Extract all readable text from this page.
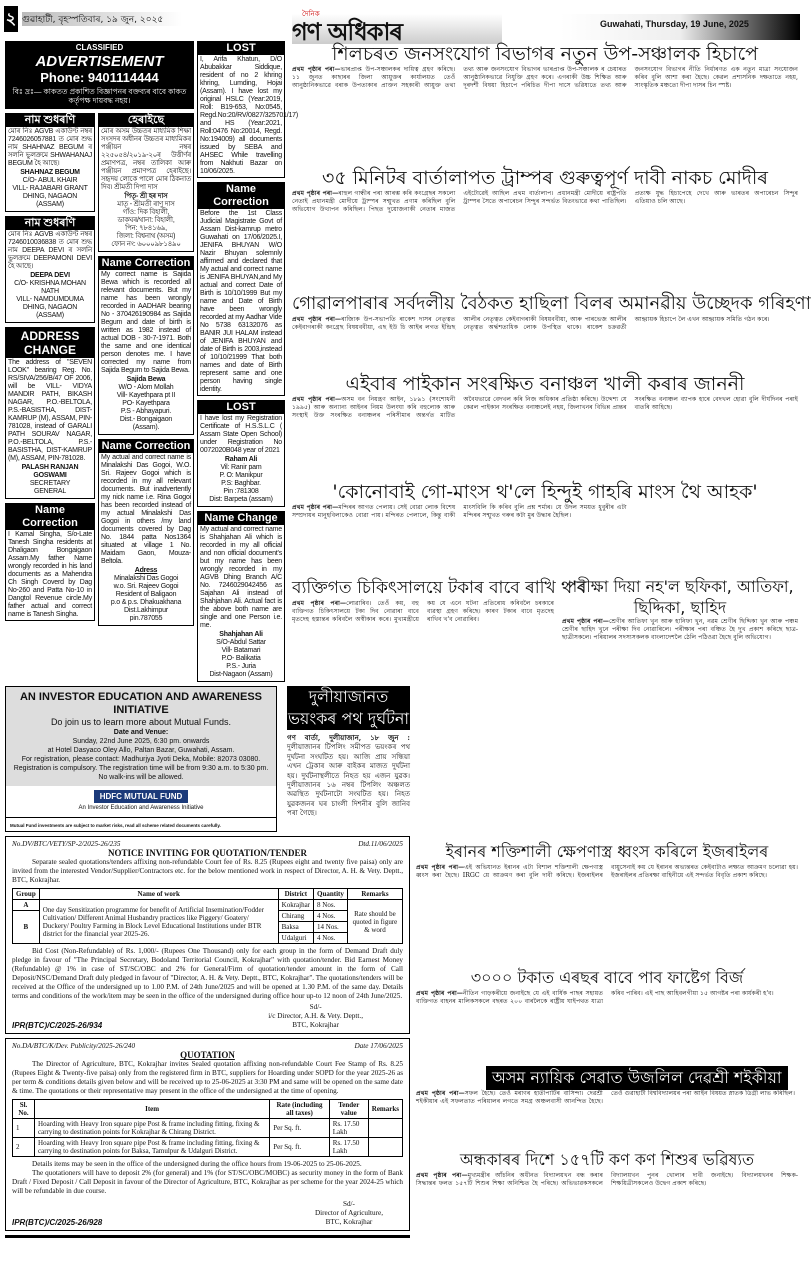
২ গুৱাহাটী, বৃহস্পতিবাৰ, ১৯ জুন, ২০২৫
দৈনিক
গণ অধিকাৰ	Guwahati, Thursday, 19 June, 2025
CLASSIFIED
ADVERTISEMENT
Phone: 9401114444
বিঃ দ্ৰঃ— কাকতত প্ৰকাশিত বিজ্ঞাপনৰ বক্তব্যৰ বাবে কাকত কৰ্তৃপক্ষ দায়বদ্ধ নহয়।
নাম শুধৰণি
মোৰ নিঃ AGVB একাউণ্ট নম্বৰ 7246026057881 ত মোৰ শুদ্ধ নাম SHAHNAZ BEGUM ৰ সলনি ভুলক্ৰমে SHWAHANAJ BEGUM হৈ আছে।
SHAHNAZ BEGUM
C/O- ABUL KHAIR
VILL- RAJABARI GRANT
DHING, NAGAON
(ASSAM)
নাম শুধৰণি
মোৰ নিঃ AGVB একাউণ্ট নম্বৰ 7246010036838 ত মোৰ শুদ্ধ নাম DEEPA DEVI ৰ সলনি ভুলক্ৰমে DEEPAMONI DEVI হৈ আছে।
DEEPA DEVI
C/O- KRISHNA MOHAN NATH
VILL- NAMDUMDUMA
DHING, NAGAON
(ASSAM)
ADDRESS CHANGE
The address of "SEVEN LOOK" bearing Reg. No. RS/SIVA/256/B/47 OF 2006, will be VILL- VIDYA MANDIR PATH, BIKASH NAGAR, P.O.-BELTOLA, P.S.-BASISTHA, DIST-KAMRUP (M), ASSAM, PIN-781028, instead of GARALI PATH SOURAV NAGAR, P.O.-BELTOLA, P.S.-BASISTHA, DIST-KAMRUP (M), ASSAM, PIN-781028.
PALASH RANJAN GOSWAMI
SECRETARY
GENERAL
Name Correction
I Kamal Singha, S/o-Late Tanesh Singha residents at Dhaligaon Bongaigaon Assam.My father Name wrongly recorded in his land documents as a Mahendra Ch Singh Coverd by Dag No-260 and Patta No-10 in Dangtol Revenue circle.My father actual and correct name is Tanesh Singha.
হেৰাইছে
মোৰ অসম উচ্চতৰ মাধ্যমিক শিক্ষা সংসদৰ অধীনৰ উচ্চতৰ মাধ্যমিকৰ পঞ্জীয়ন নম্বৰ ২২৫০৫৪/২০১৯-২০ৰ উত্তীৰ্ণৰ প্ৰমাণপত্ৰ, নম্বৰ তালিকা আৰু পঞ্জীয়ন প্ৰমাণপত্ৰ হেৰাইছে। সহৃদয় লোকে পালে মোৰ ঠিকনাত দিব। শ্ৰীমতী দিপা দাস
পিতৃ- শ্ৰী হৰ দাস
মাতৃ - শ্ৰীমতী ৰাণু দাস
গাঁও: দিক বিহালী,
ডাকঘৰ/থানা: বিহালী,
পিন: ৭৮৪১৬৯,
জিলা: বিশ্বনাথ (অসম)
ফোন নং: ৬০০০৯৮১৪৯০
Name Correction
My correct name is Sajida Bewa which is recorded all relevant documents. But my name has been wrongly recorded in AADHAR bearing No - 370426190984 as Sajida Begum and date of birth is written as 1982 instead of actual DOB - 30-7-1971. Both the same and one identical person denotes me. I have corrected my name from Sajida Begum to Sajida Bewa.
Sajida Bewa
W/O - Alom Mollah
Vill- Kayethpara pt II
PO- Kayethpara
P.S - Abhayapuri.
Dist.- Bongaigaon
(Assam).
Name Correction
My actual and correct name is Minalakshi Das Gogoi, W.O. Sri. Rajeev Gogoi which is recorded in my all relevant documents. But inadvertently my nick name i.e. Rina Gogoi has been recorded instead of my actual Minalakshi Das Gogoi in others /my land documents covered by Dag No. 1844 patta Nos1364 situated at village 1 No. Maidam Gaon, Mouza- Beltola.
Adress
Minalakshi Das Gogoi
w.o. Sri. Rajeev Gogoi
Resident of Baligaon
p.o & p.s. Dhakuakhana
Dist.Lakhimpur
pin.787055
LOST
I, Arifa Khatun, D/O Abubakkar Siddique, resident of no 2 khring khring, Lumding, Hojai (Assam). I have lost my original HSLC (Year:2019, Roll: B19-653, No:0545, Regd.No:20/RV/0827/325701/17) and HS (Year:2021, Roll:0476 No:20014, Regd. No:194009) all documents issued by SEBA and AHSEC While travelling from Nakhuti Bazar on 10/06/2025.
Name Correction
Before the 1st Class Judicial Magistrate Govt of Assam Dist-kamrup metro Guwahati on 17/06/2025.I, JENIFA BHUYAN W/O Nazir Bhuyan solemnly affirmed and declared that My actual and correct name is JENIFA BHUYAN,and My actual and correct Date of Birth is 10/10/1999 But my name and Date of Birth have been wrongly recorded at my Aadhar Vide No 5738 63132076 as BANIR JUI HALAM instead of JENIFA BHUYAN and date of Birth is 2003,instead of 10/10/21999 That both names and date of Birth represent same and one person having single identity.
LOST
I have lost my Registration Certificate of H.S.S.L.C ( Assam State Open School) under Registration No 0072020B048 year of 2021
Raham Ali
Vil: Ranir pam
P. O: Manikpur
P.S: Baghbar.
Pin :781308
Dist: Barpeta (assam)
Name Change
My actual and correct name is Shahjahan Ali which is recorded in my all official and non official document's but my name has been wrongly recorded in my AGVB Dhing Branch A/C No. 7246029042456 as Sajahan Ali instead of Shahjahan Ali. Actual fact is the above both name are single and one Person i.e. me.
Shahjahan Ali
S/O-Abdul Sattar
Vill- Batamari
P.O- Balikatia
P.S.- Juria
Dist-Nagaon (Assam)
AN INVESTOR EDUCATION AND AWARENESS INITIATIVE
Do join us to learn more about Mutual Funds.
Date and Venue:
Sunday, 22nd June 2025, 6:30 pm. onwards
at Hotel Dasyaco Oley Allo, Paltan Bazar, Guwahati, Assam.
For registration, please contact: Madhurjya Jyoti Deka, Mobile: 82073 03080.
Registration is compulsory. The registration time will be from 9:30 a.m. to 5:30 pm. No walk-ins will be allowed.
HDFC MUTUAL FUND
An Investor Education and Awareness Initiative
Mutual Fund investments are subject to market risks, read all scheme related documents carefully.
দুলীয়াজানত ভয়ংকৰ পথ দুৰ্ঘটনা
গণ বাৰ্তা, দুলীয়াজান, ১৮ জুন : দুলীয়াজানৰ টিপলিং সমীপত ভয়ংকৰ পথ দুৰ্ঘটনা সংঘটিত হয়। আজি প্ৰায় সন্ধিয়া এখন ট্ৰেকাৰ আৰু বাইকৰ মাজত দুৰ্ঘটনা হয়। দুৰ্ঘটনাস্থলীতে নিহত হয় এজন যুৱক। দুলীয়াজানৰ ১৬ নম্বৰ টিপলিং অঞ্চলত অৱস্থিত দুৰ্ঘটনাটো সংঘটিত হয়। নিহত যুৱকজনৰ ঘৰ চাংলী দিশনীৰ বুলি জানিব পৰা গৈছে।
No.DV/BTC/VETY/SP-2/2025-26/235	Dtd.11/06/2025
NOTICE INVITING FOR QUOTATION/TENDER
Separate sealed quotations/tenders affixing non-refundable Court fee of Rs. 8.25 (Rupees eight and twenty five paisa) only are invited from the interested Vendor/Supplier/Contractors etc. for the below mentioned work in respect of Director, A. H. & Vety. Deptt., BTC, Kokrajhar.
Group	Name of work	District	Quantity	Remarks
A	One day Sensitization programme for benefit of Artificial Insemination/Fodder Cultivation/ Different Animal Husbandry practices like Piggery/ Goatery/ Duckery/ Poultry Farming in Block Level Educational Institutions under BTR district for the financial year 2025-26.	Kokrajhar	8 Nos.	Rate should be quoted in figure & word
B		Chirang	4 Nos.	
		Baksa	14 Nos.	
		Udalguri	4 Nos.	
Bid Cost (Non-Refundable) of Rs. 1,000/- (Rupees One Thousand) only for each group in the form of Demand Draft duly pledge in favour of "The Principal Secretary, Bodoland Territorial Council, Kokrajhar" with quotation/tender. Bid Earnest Money (Refundable) @ 1% in case of ST/SC/OBC and 2% for General/Firm of quotation/tender amount in the form of Call Deposit/NSC/Demand Draft duly pledged in favour of "Director, A. H. & Vety. Deptt., BTC, Kokrajhar". The quotations/tenders will be received at the Office of the undersigned up to 1.00 P.M. of 24th June/2025 and will be opened at 1.30 P.M. of the same day. Details terms and conditions of the work/item may be seen in the office of the undersigned during office hour up-to 12 noon of 24th June/2025.
IPR(BTC)/C/2025-26/934
Sd/-
i/c Director, A.H. & Vety. Deptt.,
BTC, Kokrajhar
No.DA/BTC/K/Dev. Publicity/2025-26/240	Date 17/06/2025
QUOTATION
The Director of Agriculture, BTC, Kokrajhar invites Sealed quotation affixing non-refundable Court Fee Stamp of Rs. 8.25 (Rupees Eight & Twenty-five paisa) only from the registered firm in BTC, suppliers for Hoarding under SOPD for the year 2025-26 as per term & conditions details given below and will be received up to 25-06-2025 at 3:30 PM and same will be opened on the same date & time. The quotations or their representative may present in the office of the undersigned at the time of opening.
Sl. No.	Item	Rate (including all taxes)	Tender value	Remarks
1	Hoarding with Heavy Iron square pipe Post & frame including fitting, fixing & carrying to destination points for Kokrajhar & Chirang District.	Per Sq. ft.	Rs. 17.50 Lakh	
2	Hoarding with Heavy Iron square pipe Post & frame including fitting, fixing & carrying to destination points for Baksa, Tamulpur & Udalguri District.	Per Sq. ft.	Rs. 17.50 Lakh	
Details items may be seen in the office of the undersigned during the office hours from 19-06-2025 to 25-06-2025.
The quotationers will have to deposit 2% (for general) and 1% (for ST/SC/OBC/MOBC) as security money in the form of Bank Draft / Fixed Deposit / Call Deposit in favour of the Director of Agriculture, BTC, Kokrajhar as per scheme for the year 2024-25 which will be refundable in due course.
IPR(BTC)/C/2025-26/928
Sd/-
Director of Agriculture,
BTC, Kokrajhar
শিলচৰত জনসংযোগ বিভাগৰ নতুন উপ-সঞ্চালক হিচাপে
প্ৰথম পৃষ্ঠাৰ পৰা—ভাৰপ্ৰাপ্ত উপ-সঞ্চালকৰ দায়িত্ব গ্ৰহণ কৰিছে। ১১ জুনত কাছাৰৰ জিলা আয়ুক্তৰ কাৰ্যালয়ত তেওঁ আনুষ্ঠানিকভাৱে বৰাক উপত্যকাৰ প্ৰাক্তন সহকাৰী আয়ুক্ত তথা তথ্য আৰু জনসংযোগ বিভাগৰ ভাৰপ্ৰাপ্ত উপ-সঞ্চালক ৰ চেয়াৰত আনুষ্ঠানিকভাৱে নিযুক্তি গ্ৰহণ কৰে। এগৰাকী উচ্চ শিক্ষিত আৰু দূৰদৰ্শী বিষয়া হিচাপে পৰিচিত দীপা দাসে ভৱিষ্যতে তথ্য আৰু জনসংযোগ বিভাগৰ নীতি নিৰ্ধাৰণত এক নতুন মাত্ৰা সংযোজন কৰিব বুলি আশা কৰা হৈছে। কেৱল প্ৰশাসনিক দক্ষতাতে নহয়, সাংস্কৃতিক মঞ্চতো দীপা দাসৰ চিন স্পষ্ট।
৩৫ মিনিটৰ বাৰ্তালাপত ট্ৰাম্পৰ গুৰুত্বপূৰ্ণ দাবী নাকচ মোদীৰ
প্ৰথম পৃষ্ঠাৰ পৰা—ৰাহুল গান্ধীৰ পৰা আৰম্ভ কৰি কংগ্ৰেছৰ সকলো নেতাই প্ৰধানমন্ত্ৰী মোদীয়ে ট্ৰাম্পৰ সন্মুখত প্ৰণাম কৰিছিল বুলি অভিযোগ উত্থাপন কৰিছিল। পিছত দুয়োজনাকী নেতাৰ মাজত এইটোৱেই আছিল প্ৰথম বাৰ্তালাপ। প্ৰধানমন্ত্ৰী মোদীয়ে ৰাষ্ট্ৰপতি ট্ৰাম্পৰ সৈতে অপাৰেচন সিন্দুৰ সন্দৰ্ভত বিতংভাৱে কথা পাতিছিল। প্ৰত্যক্ষ যুদ্ধ হিচাপেহে দেখে আৰু ভাৰতৰ অপাৰেচন সিন্দুৰ এতিয়াও চলি আছে।
গোৱালপাৰাৰ সৰ্বদলীয় বৈঠকত হাছিলা বিলৰ অমানৱীয় উচ্ছেদক গৰিহণা
প্ৰথম পৃষ্ঠাৰ পৰা—ৰাজ্যিক উপ-সভাপতি ৰাকেশ দাসৰ নেতৃত্বত কেইবাগৰাকী কংগ্ৰেছ বিষয়ববীয়া, এছ ইউ চি আইৰ লগত ইন্দ্ৰিছ আলীৰ নেতৃত্বত কেইবাগৰাকী বিষয়ববীয়া, আৰু পাৰভেজ আলীৰ নেতৃত্বত অৰ্দ্ধশতাধিক লোক উপস্থিত থাকে। ৰাকেশ চক্ৰৱৰ্তী আহ্বায়ক হিচাপে লৈ এখন আহ্বায়ক সমিতি গঠন কৰে।
এইবাৰ পাইকান সংৰক্ষিত বনাঞ্চল খালী কৰাৰ জাননী
প্ৰথম পৃষ্ঠাৰ পৰা—অসম বন নিয়ন্ত্ৰণ আইন, ১৮৯১ (সংশোধনী ১৯৯৫) আৰু অন্যান্য আইনৰ নিয়ম উলংঘা কৰি বহুলোক আৰু সংস্থাই উক্ত সংৰক্ষিত বনাঞ্চলৰ পৰিসীমাৰ অন্তৰ্গত মাটিত অবৈধভাৱে বেদখল কৰি নিজ অধিকাৰ প্ৰতিষ্ঠা কৰিছে। উদ্দেশ্য যে কেৱল পাইকান সংৰক্ষিত বনাঞ্চলেই নহয়, জিলাখনৰ বিভিন্ন প্ৰান্তৰ সংৰক্ষিত বনাঞ্চল ব্যাপক হাৰে বেদখল হোৱা বুলি দীৰ্ঘদিনৰ পৰাই বাতৰি আহিছে।
'কোনোবাই গো-মাংস থ'লে হিন্দুই গাহৰি মাংস থৈ আহক'
প্ৰথম পৃষ্ঠাৰ পৰা—মন্দিৰৰ আগত পেলায়। সেই বোৱা লোক বিশেষ সম্প্ৰদায়ৰ মানুহবিলাকেও বোৱা পায়। মন্দিৰত পেলালে, কিন্তু বাকী মাংসবিলি কি কৰিব বুলি প্ৰশ্ন শৰ্মাৰ। যে উদল সময়ত ধুবুৰীৰ এটা মন্দিৰৰ সন্মুখত গৰুৰ কটা মুৰ উদ্ধাৰ হৈছিল।
ব্যক্তিগত চিকিৎসালয়ে টকাৰ বাবে ৰাখি থ'ব
প্ৰথম পৃষ্ঠাৰ পৰা—লোৱাৰিব। তেওঁ কয়, বহু ব্যক্তিগত চিকিৎসালয়ে টকা দিব নোৱাৰা বাবে মৃতদেহ হস্তান্তৰ কৰিবলৈ অস্বীকাৰ কৰে। মুখ্যমন্ত্ৰীয়ে কয় যে এনে ঘটনা প্ৰতিৰোধ কৰিবলৈ চৰকাৰে ব্যৱস্থা গ্ৰহণ কৰিছে। কাৰণ টকাৰ বাবে মৃতদেহ ৰাখিব খ'ব নোৱাৰিব।
পৰীক্ষা দিয়া নহ'ল ছফিকা, আতিফা, ছিদ্দিকা, ছাহিদ
প্ৰথম পৃষ্ঠাৰ পৰা—শ্ৰেণীৰ আতিফা খুন আৰু হানিফা খুন, নৱম শ্ৰেণীৰ ছিদ্দিকা খুন আৰু পঞ্চম শ্ৰেণীৰ ছাহিদ খুনে পৰীক্ষা দিব নোৱাৰিলে। পৰীক্ষাৰ পৰা বঞ্চিত হৈ দুখ প্ৰকাশ কৰিছে ছাত্ৰ-ছাত্ৰীসকলে। পৰিয়ালৰ সদস্যসকলক বাংলাদেশলৈ ঠেলি পঠিওৱা হৈছে বুলি অভিযোগ।
ইৰানৰ শক্তিশালী ক্ষেপণাস্ত্ৰ ধ্বংস কৰিলে ইজৰাইলৰ
প্ৰথম পৃষ্ঠাৰ পৰা—এই অভিযানত ইৰানৰ এটা বিশাল শক্তিশালী ক্ষেপণাস্ত্ৰ ধ্বংস কৰা হৈছে। IRGC য়ে আক্ৰমণ কৰা বুলি দাবী কৰিছে। ইজৰাইলৰ বায়ুসেনাই কয় যে ইৰানৰ অভ্যন্তৰত কেইবাটাও লক্ষ্যত আক্ৰমণ চলোৱা হয়। ইজৰাইলৰ প্ৰতিৰক্ষা বাহিনীয়ে এই সন্দৰ্ভত বিবৃতি প্ৰকাশ কৰিছে।
৩০০০ টকাত এৰছৰ বাবে পাব ফাষ্টেগ বিৰ্জ
প্ৰথম পৃষ্ঠাৰ পৰা—নীতিন গাড়কৰীয়ে জনাইছে যে এই বাৰ্ষিক পাছৰ সহায়ত ব্যক্তিগত বাহনৰ মালিকসকলে বছৰত ২০০ বাৰলৈকে ৰাষ্ট্ৰীয় ঘাইপথত যাত্ৰা কৰিব পাৰিব। এই পাছ আহিবলগীয়া ১৫ আগষ্টৰ পৰা কাৰ্যকৰী হ'ব।
অসম ন্যায়িক সেৱাত উজলিল দেৱশ্ৰী শইকীয়া
প্ৰথম পৃষ্ঠাৰ পৰা—সফল হৈছে। তেওঁ মৰাণৰ হাতীপাটিৰ বাসিন্দা। দেৱশ্ৰী শইকীয়াৰ এই সফলতাত পৰিয়ালৰ লগতে সমগ্ৰ অঞ্চলবাসী আনন্দিত হৈছে। তেওঁ গুৱাহাটী বিশ্ববিদ্যালয়ৰ পৰা আইন বিষয়ত স্নাতক ডিগ্ৰী লাভ কৰিছিল।
অন্ধকাৰৰ দিশে ১৫৭টি কণ কণ শিশুৰ ভৱিষ্যত
প্ৰথম পৃষ্ঠাৰ পৰা—মুখ্যমন্ত্ৰীৰ আঁচনিৰ অধীনত বিদ্যালয়খন বন্ধ কৰাৰ সিদ্ধান্তৰ ফলত ১৫৭টি শিশুৰ শিক্ষা অনিশ্চিত হৈ পৰিছে। অভিভাৱকসকলে বিদ্যালয়খন পুনৰ খোলাৰ দাবী জনাইছে। বিদ্যালয়খনৰ শিক্ষক-শিক্ষয়িত্ৰীসকলেও উদ্বেগ প্ৰকাশ কৰিছে।
